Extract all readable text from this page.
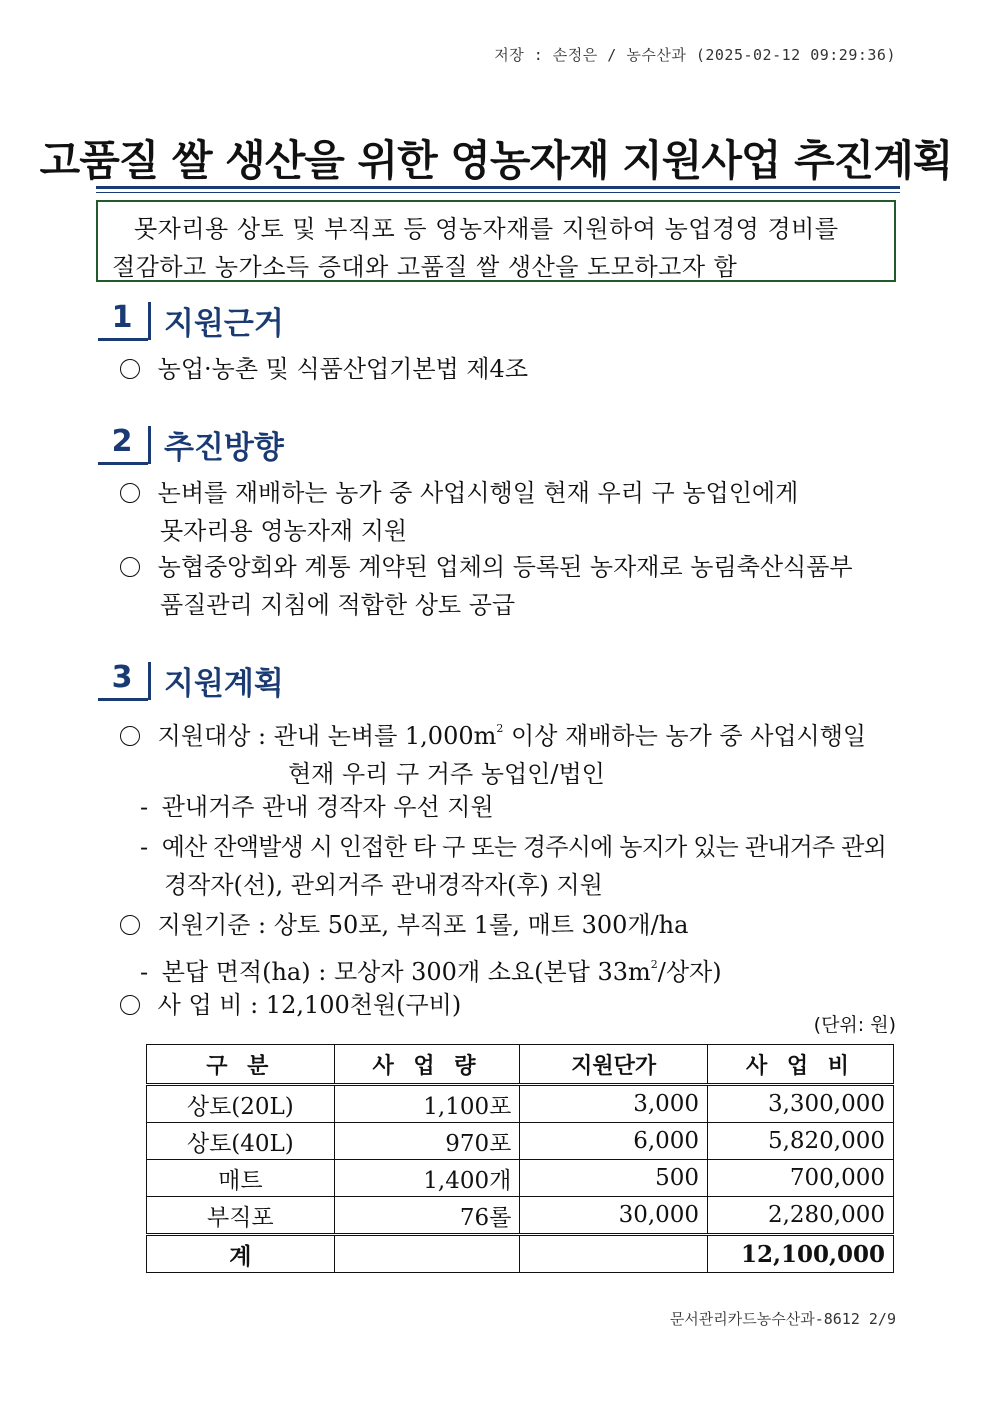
저장 : 손정은 / 농수산과 (2025-02-12 09:29:36)
고품질 쌀 생산을 위한 영농자재 지원사업 추진계획
못자리용 상토 및 부직포 등 영농자재를 지원하여 농업경영 경비를
절감하고 농가소득 증대와 고품질 쌀 생산을 도모하고자 함
1	지원근거
농업·농촌 및 식품산업기본법 제4조
2	추진방향
논벼를 재배하는 농가 중 사업시행일 현재 우리 구 농업인에게
못자리용 영농자재 지원
농협중앙회와 계통 계약된 업체의 등록된 농자재로 농림축산식품부
품질관리 지침에 적합한 상토 공급
3	지원계획
지원대상 : 관내 논벼를 $1,000m^2$ 이상 재배하는 농가 중 사업시행일
현재 우리 구 거주 농업인/법인
- 관내거주 관내 경작자 우선 지원
- 예산 잔액발생 시 인접한 타 구 또는 경주시에 농지가 있는 관내거주 관외
경작자(선), 관외거주 관내경작자(후) 지원
지원기준 : 상토 50포, 부직포 1롤, 매트 300개/ha
- 본답 면적(ha) : 모상자 300개 소요(본답 $33m^2/$상자)
사 업 비 : 12,100천원(구비)
(단위: 원)
구 분	사 업 량	지원단가	사 업 비
상토(20L)	1,100포	3,000	3,300,000
상토(40L)	970포	6,000	5,820,000
매트	1,400개	500	700,000
부직포	76롤	30,000	2,280,000
계			12,100,000
문서관리카드농수산과-8612 2/9
